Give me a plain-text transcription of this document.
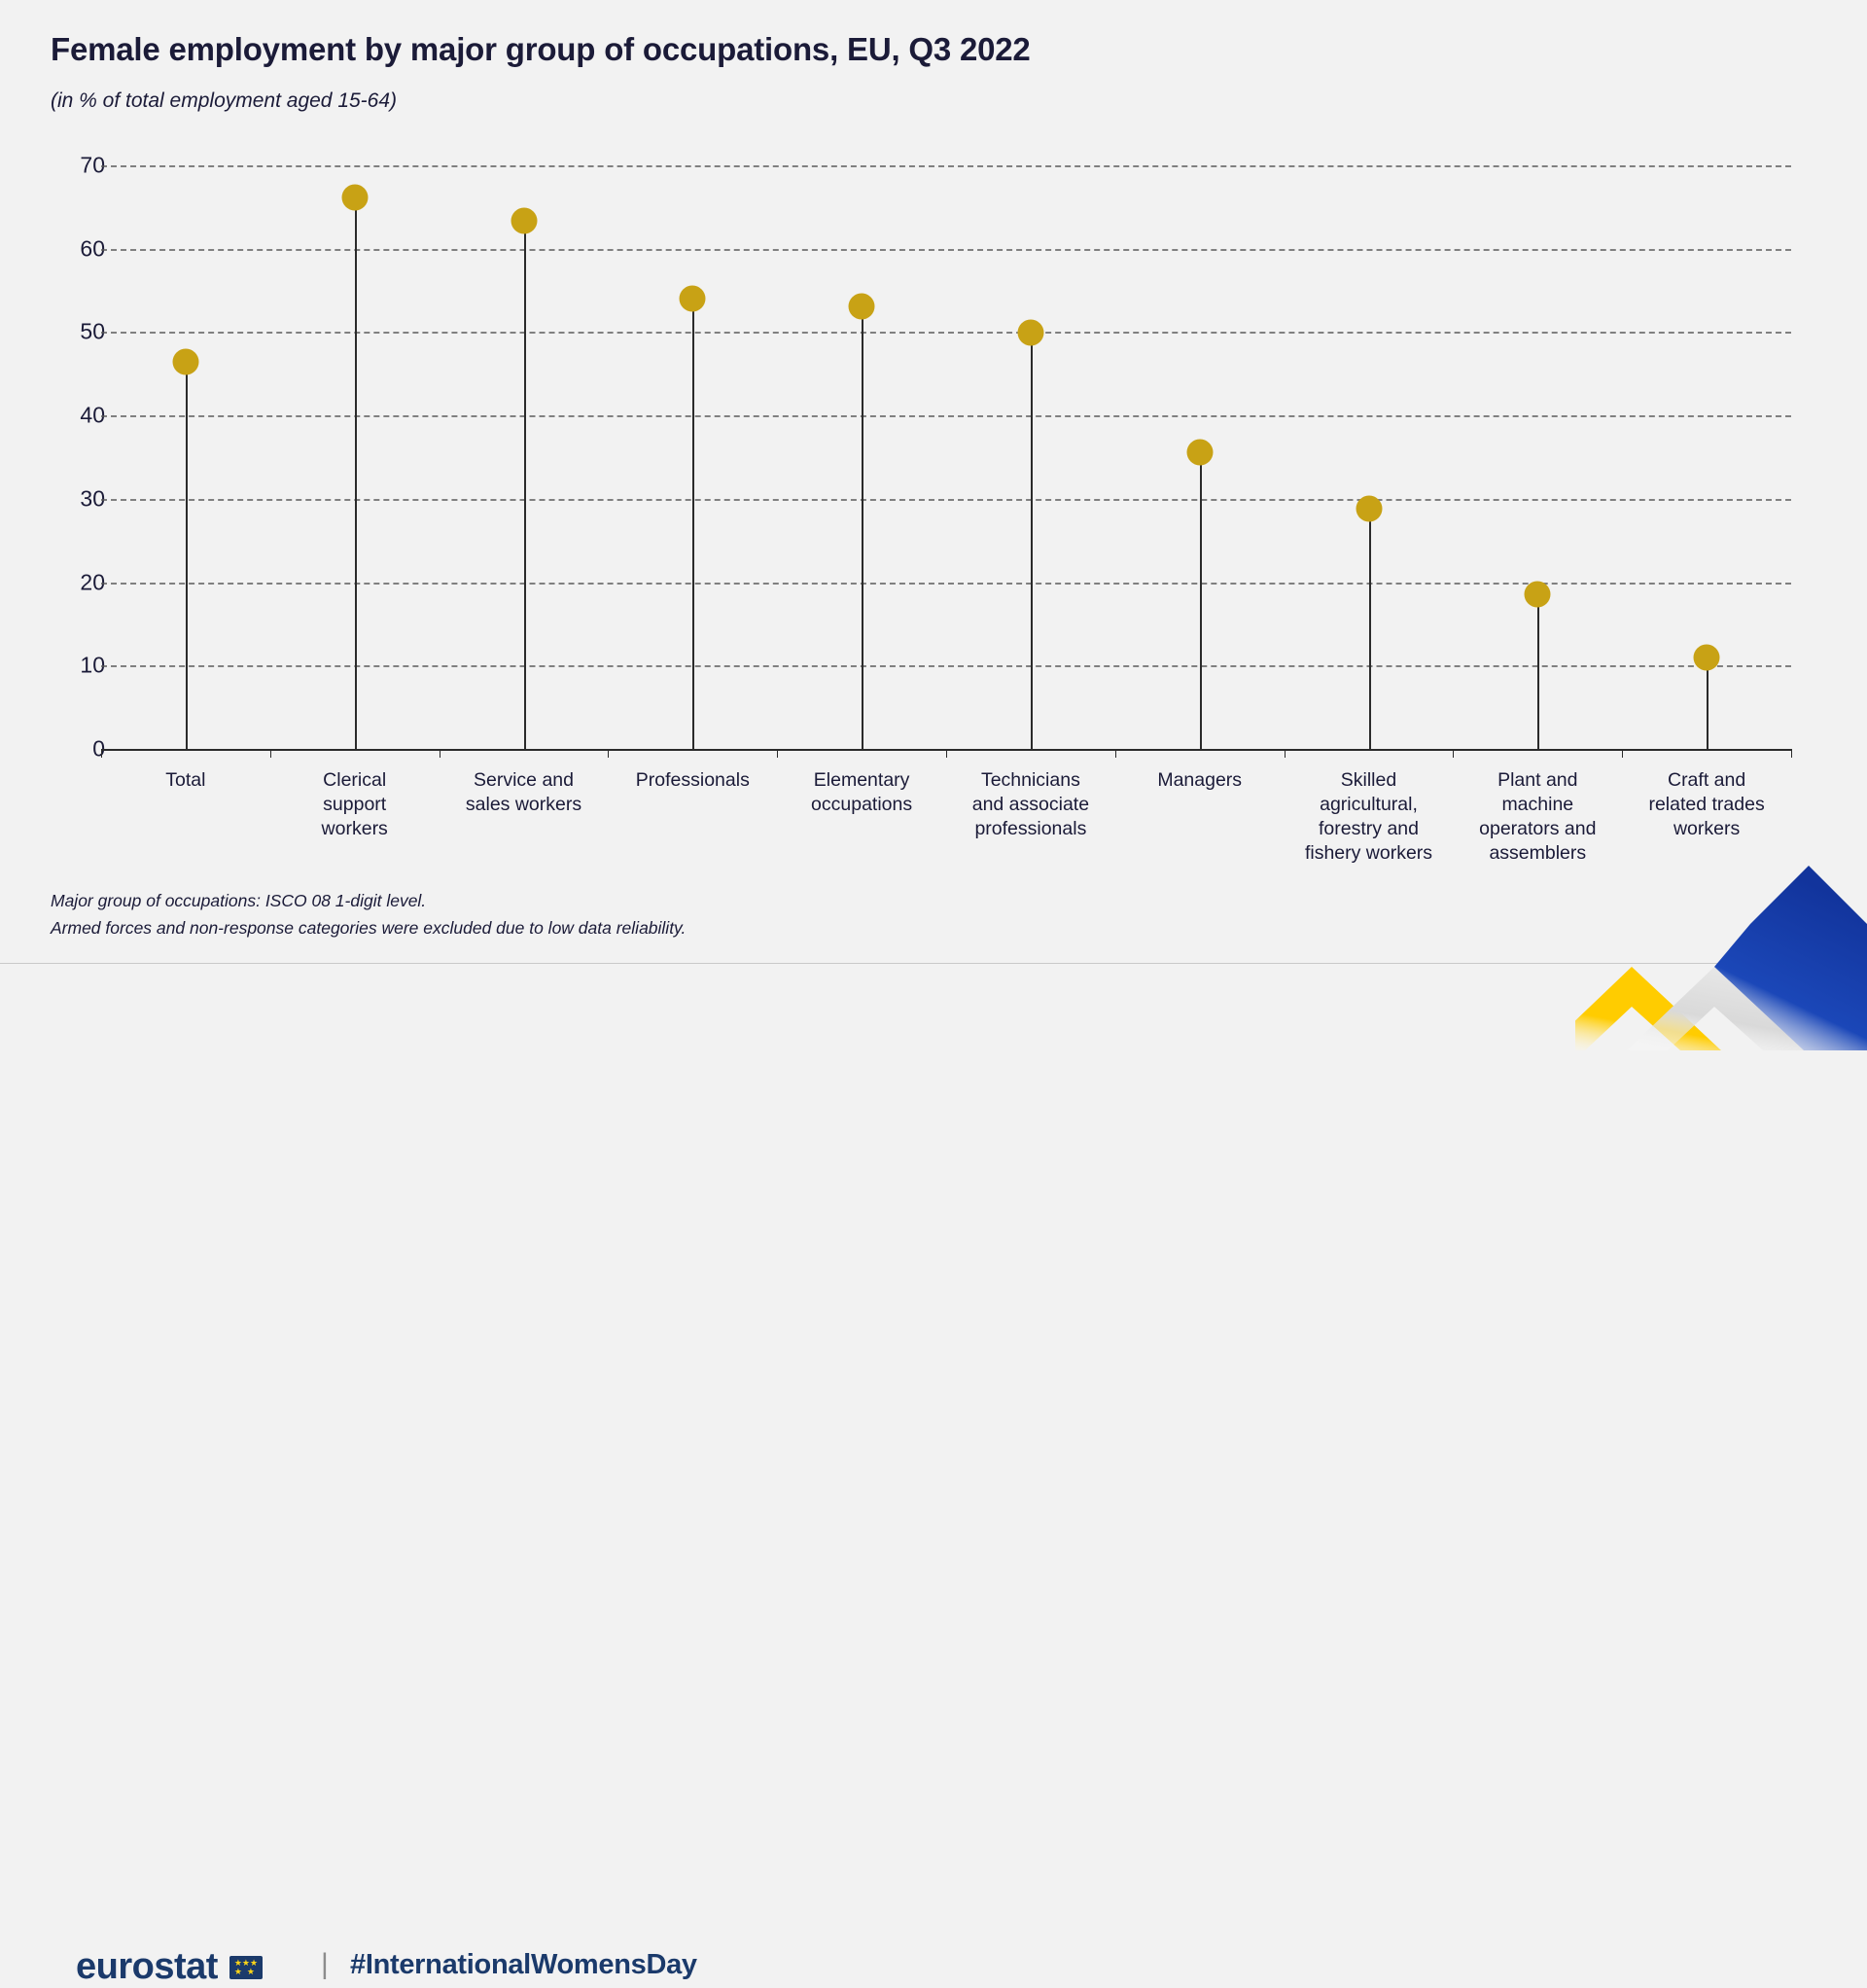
Female employment by major group of occupations, EU, Q3 2022
(in % of total employment aged 15-64)
0
10
20
30
40
50
60
70
Total	Clerical
support
workers
Service and
sales workers
Professionals	Elementary
occupations
Technicians
and associate
professionals
Managers	Skilled
agricultural,
forestry and
fishery workers
Plant and
machine
operators and
assemblers
Craft and
related trades
workers
Major group of occupations: ISCO 08 1-digit level.
Armed forces and non-response categories were excluded due to low data reliability.
eurostat ★★★
★  ★ | #InternationalWomensDay
